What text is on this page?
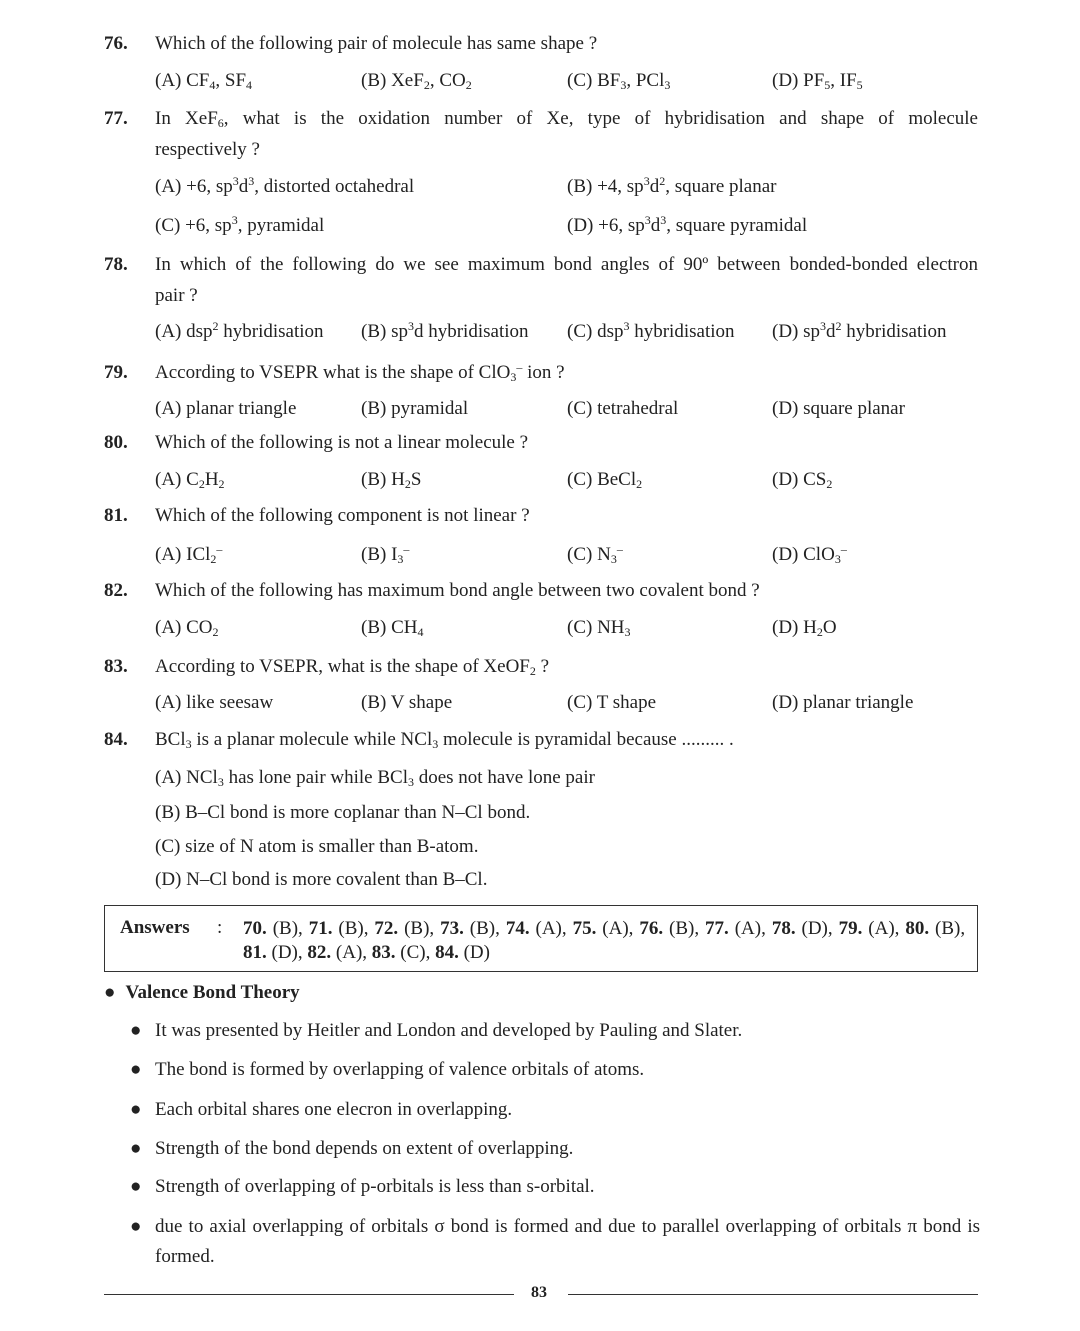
76. Which of the following pair of molecule has same shape ?
(A) $CF_4$, $SF_4$	(B) XeF$_2$, $CO_2$	(C) $BF_3$, PCl$_3$	(D) $PF_5$, $IF_5$
77. In XeF$_6$, what is the oxidation number of Xe, type of hybridisation and shape of molecule
respectively ?
(A) +6, $sp^3d^3$, distorted octahedral	(B) +4, $sp^3d^2$, square planar
(C) +6, $sp^3$, pyramidal	(D) +6, $sp^3d^3$, square pyramidal
78. In which of the following do we see maximum bond angles of 90º between bonded-bonded electron
pair ?
(A) dsp$^2$ hybridisation (B) $sp^3d$ hybridisation (C) dsp$^3$ hybridisation (D) $sp^3d^2$ hybridisation
79. According to VSEPR what is the shape of ClO$_3$– ion ?
(A) planar triangle	(B) pyramidal	(C) tetrahedral	(D) square planar
80. Which of the following is not a linear molecule ?
(A) $C_2H_2$	(B) $H_2S$	(C) BeCl$_2$	(D) $CS_2$
81. Which of the following component is not linear ?
(A) ICl$_2$–	(B) $I_3^-$	(C) $N_3^-$	(D) ClO$_3$–
82. Which of the following has maximum bond angle between two covalent bond ?
(A) $CO_2$	(B) $CH_4$	(C) $NH_3$	(D) $H_2O$
83. According to VSEPR, what is the shape of XeOF$_2$ ?
(A) like seesaw	(B) V shape	(C) T shape	(D) planar triangle
84. BCl$_3$ is a planar molecule while NCl$_3$ molecule is pyramidal because ......... .
(A) NCl$_3$ has lone pair while BCl$_3$ does not have lone pair
(B) B–Cl bond is more coplanar than N–Cl bond.
(C) size of N atom is smaller than B-atom.
(D) N–Cl bond is more covalent than B–Cl.
Answers : 70. (B), 71. (B), 72. (B), 73. (B), 74. (A), 75. (A), 76. (B), 77. (A), 78. (D), 79. (A), 80. (B), 81. (D), 82. (A), 83. (C), 84. (D)
● Valence Bond Theory
● It was presented by Heitler and London and developed by Pauling and Slater.
● The bond is formed by overlapping of valence orbitals of atoms.
● Each orbital shares one elecron in overlapping.
● Strength of the bond depends on extent of overlapping.
● Strength of overlapping of p-orbitals is less than s-orbital.
● due to axial overlapping of orbitals σ bond is formed and due to parallel overlapping of orbitals π bond is formed.
83
